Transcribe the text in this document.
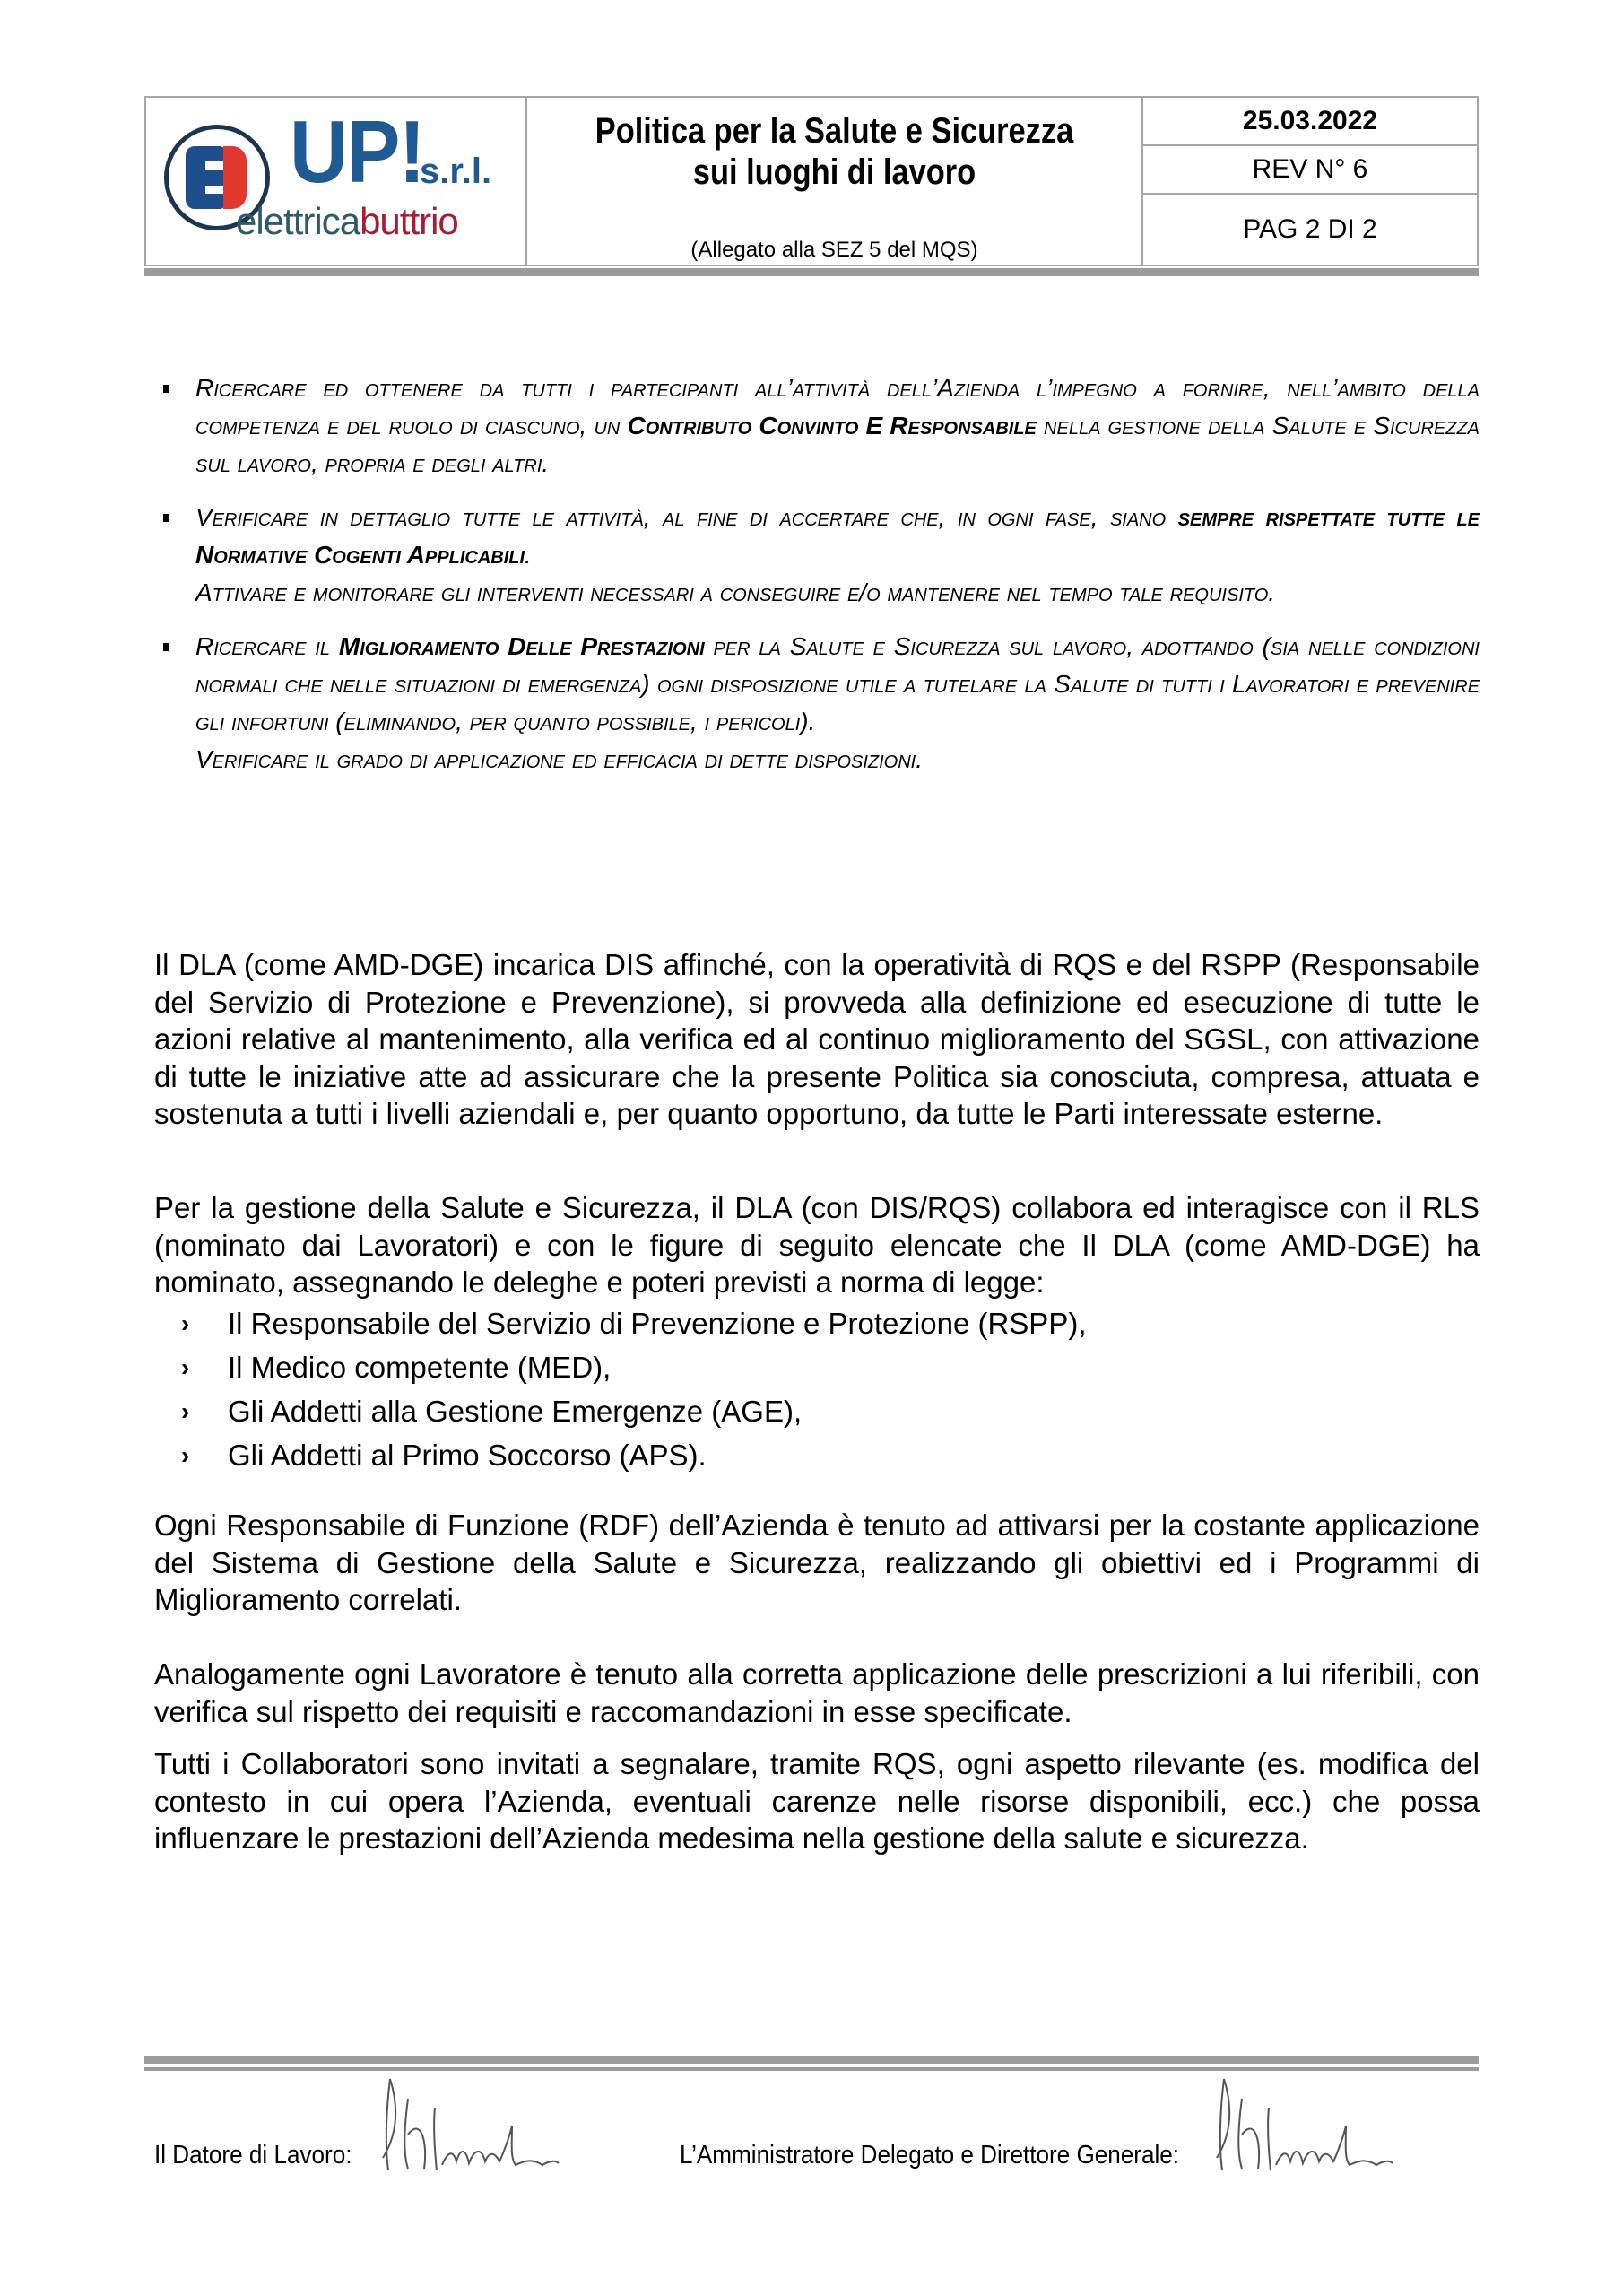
UP!
s.r.l.
elettricabuttrio
Politica per la Salute e Sicurezza
sui luoghi di lavoro
(Allegato alla SEZ 5 del MQS)
25.03.2022
REV N° 6
PAG 2 DI 2

Ricercare ed ottenere da tutti i partecipanti all’attività dell’Azienda l’impegno a fornire, nell’ambito della competenza e del ruolo di ciascuno, un Contributo Convinto E Responsabile nella gestione della Salute e Sicurezza sul lavoro, propria e degli altri.

Verificare in dettaglio tutte le attività, al fine di accertare che, in ogni fase, siano sempre rispettate tutte le Normative Cogenti Applicabili.

Attivare e monitorare gli interventi necessari a conseguire e/o mantenere nel tempo tale requisito.

Ricercare il Miglioramento Delle Prestazioni per la Salute e Sicurezza sul lavoro, adottando (sia nelle condizioni normali che nelle situazioni di emergenza) ogni disposizione utile a tutelare la Salute di tutti i Lavoratori e prevenire gli infortuni (eliminando, per quanto possibile, i pericoli).

Verificare il grado di applicazione ed efficacia di dette disposizioni.

Il DLA (come AMD-DGE) incarica DIS affinché, con la operatività di RQS e del RSPP (Responsabile del Servizio di Protezione e Prevenzione), si provveda alla definizione ed esecuzione di tutte le azioni relative al mantenimento, alla verifica ed al continuo miglioramento del SGSL, con attivazione di tutte le iniziative atte ad assicurare che la presente Politica sia conosciuta, compresa, attuata e sostenuta a tutti i livelli aziendali e, per quanto opportuno, da tutte le Parti interessate esterne.

Per la gestione della Salute e Sicurezza, il DLA (con DIS/RQS) collabora ed interagisce con il RLS (nominato dai Lavoratori) e con le figure di seguito elencate che Il DLA (come AMD-DGE) ha nominato, assegnando le deleghe e poteri previsti a norma di legge:

› Il Responsabile del Servizio di Prevenzione e Protezione (RSPP),
› Il Medico competente (MED),
› Gli Addetti alla Gestione Emergenze (AGE),
› Gli Addetti al Primo Soccorso (APS).

Ogni Responsabile di Funzione (RDF) dell’Azienda è tenuto ad attivarsi per la costante applicazione del Sistema di Gestione della Salute e Sicurezza, realizzando gli obiettivi ed i Programmi di Miglioramento correlati.

Analogamente ogni Lavoratore è tenuto alla corretta applicazione delle prescrizioni a lui riferibili, con verifica sul rispetto dei requisiti e raccomandazioni in esse specificate.

Tutti i Collaboratori sono invitati a segnalare, tramite RQS, ogni aspetto rilevante (es. modifica del contesto in cui opera l’Azienda, eventuali carenze nelle risorse disponibili, ecc.) che possa influenzare le prestazioni dell’Azienda medesima nella gestione della salute e sicurezza.

Il Datore di Lavoro:	L’Amministratore Delegato e Direttore Generale:
